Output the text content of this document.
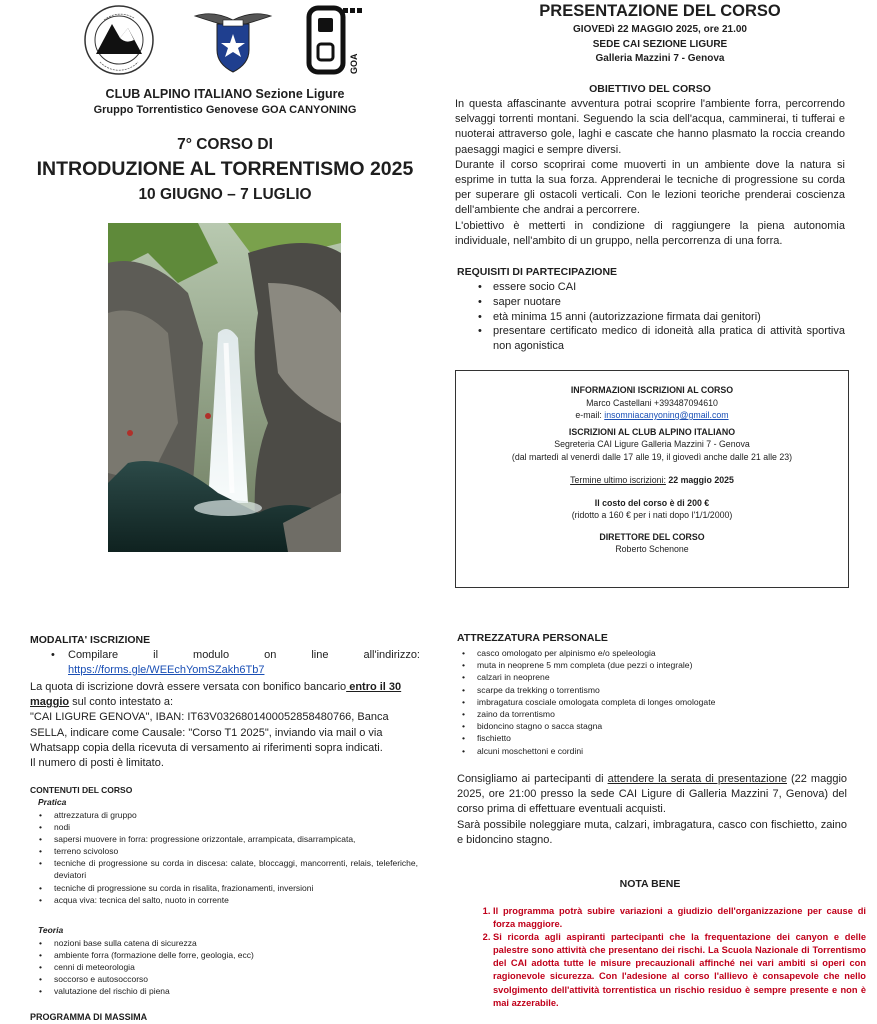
GOA
CLUB ALPINO ITALIANO Sezione Ligure
Gruppo Torrentistico Genovese GOA CANYONING
7° CORSO DI
INTRODUZIONE AL TORRENTISMO 2025
10 GIUGNO – 7 LUGLIO
PRESENTAZIONE DEL CORSO
GIOVEDì 22 MAGGIO 2025, ore 21.00
SEDE CAI SEZIONE LIGURE
Galleria Mazzini 7 - Genova
OBIETTIVO DEL CORSO
In questa affascinante avventura potrai scoprire l'ambiente forra, percorrendo selvaggi torrenti montani. Seguendo la scia dell'acqua, camminerai, ti tufferai e nuoterai attraverso gole, laghi e cascate che hanno plasmato la roccia creando paesaggi magici e sempre diversi.
Durante il corso scoprirai come muoverti in un ambiente dove la natura si esprime in tutta la sua forza. Apprenderai le tecniche di progressione su corda per superare gli ostacoli verticali. Con le lezioni teoriche prenderai coscienza dell'ambiente che andrai a percorrere.
L'obiettivo è metterti in condizione di raggiungere la piena autonomia individuale, nell'ambito di un gruppo, nella percorrenza di una forra.
REQUISITI DI PARTECIPAZIONE
• essere socio CAI
• saper nuotare
• età minima 15 anni (autorizzazione firmata dai genitori)
• presentare certificato medico di idoneità alla pratica di attività sportiva non agonistica
INFORMAZIONI ISCRIZIONI AL CORSO
Marco Castellani +393487094610
e-mail: insomniacanyoning@gmail.com
ISCRIZIONI AL CLUB ALPINO ITALIANO
Segreteria CAI Ligure Galleria Mazzini 7 - Genova
(dal martedì al venerdì dalle 17 alle 19, il giovedì anche dalle 21 alle 23)
Termine ultimo iscrizioni: 22 maggio 2025
Il costo del corso è di 200 €
(ridotto a 160 € per i nati dopo l'1/1/2000)
DIRETTORE DEL CORSO
Roberto Schenone
MODALITA' ISCRIZIONE
• Compilare il modulo on line all'indirizzo:
https://forms.gle/WEEchYomSZakh6Tb7
La quota di iscrizione dovrà essere versata con bonifico bancario entro il 30 maggio sul conto intestato a:
"CAI LIGURE GENOVA", IBAN: IT63V0326801400052858480766, Banca SELLA, indicare come Causale: "Corso T1 2025", inviando via mail o via Whatsapp copia della ricevuta di versamento ai riferimenti sopra indicati.
Il numero di posti è limitato.
CONTENUTI DEL CORSO
Pratica
• attrezzatura di gruppo
• nodi
• sapersi muovere in forra: progressione orizzontale, arrampicata, disarrampicata,
• terreno scivoloso
• tecniche di progressione su corda in discesa: calate, bloccaggi, mancorrenti, relais, teleferiche, deviatori
• tecniche di progressione su corda in risalita, frazionamenti, inversioni
• acqua viva: tecnica del salto, nuoto in corrente
Teoria
• nozioni base sulla catena di sicurezza
• ambiente forra (formazione delle forre, geologia, ecc)
• cenni di meteorologia
• soccorso e autosoccorso
• valutazione del rischio di piena
PROGRAMMA DI MASSIMA
ATTREZZATURA PERSONALE
• casco omologato per alpinismo e/o speleologia
• muta in neoprene 5 mm completa (due pezzi o integrale)
• calzari in neoprene
• scarpe da trekking o torrentismo
• imbragatura cosciale omologata completa di longes omologate
• zaino da torrentismo
• bidoncino stagno o sacca stagna
• fischietto
• alcuni moschettoni e cordini
Consigliamo ai partecipanti di attendere la serata di presentazione (22 maggio 2025, ore 21:00 presso la sede CAI Ligure di Galleria Mazzini 7, Genova) del corso prima di effettuare eventuali acquisti.
Sarà possibile noleggiare muta, calzari, imbragatura, casco con fischietto, zaino e bidoncino stagno.
NOTA BENE
1. Il programma potrà subire variazioni a giudizio dell'organizzazione per cause di forza maggiore.
2. Si ricorda agli aspiranti partecipanti che la frequentazione dei canyon e delle palestre sono attività che presentano dei rischi. La Scuola Nazionale di Torrentismo del CAI adotta tutte le misure precauzionali affinché nei vari ambiti si operi con ragionevole sicurezza. Con l'adesione al corso l'allievo è consapevole che nello svolgimento dell'attività torrentistica un rischio residuo è sempre presente e non è mai azzerabile.
